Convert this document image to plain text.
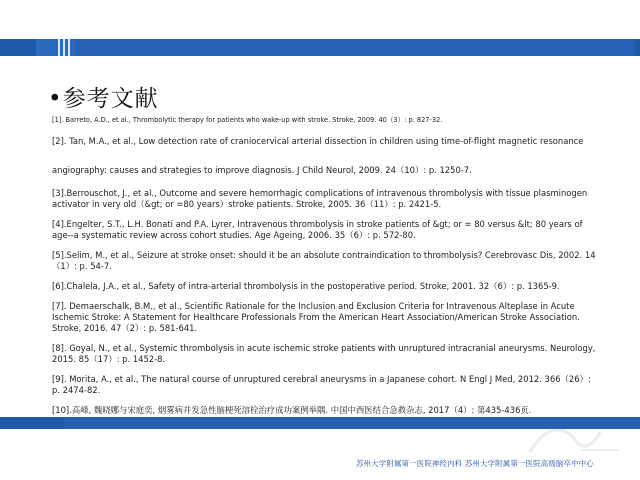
•参考文献

[1]. Barreto, A.D., et al., Thrombolytic therapy for patients who wake-up with stroke. Stroke, 2009. 40（3）: p. 827-32.

[2]. Tan, M.A., et al., Low detection rate of craniocervical arterial dissection in children using time-of-flight magnetic resonance

angiography: causes and strategies to improve diagnosis. J Child Neurol, 2009. 24（10）: p. 1250-7.

[3].Berrouschot, J., et al., Outcome and severe hemorrhagic complications of intravenous thrombolysis with tissue plasminogen activator in very old（&gt; or =80 years）stroke patients. Stroke, 2005. 36（11）: p. 2421-5.

[4].Engelter, S.T., L.H. Bonati and P.A. Lyrer, Intravenous thrombolysis in stroke patients of &gt; or = 80 versus &lt; 80 years of age--a systematic review across cohort studies. Age Ageing, 2006. 35（6）: p. 572-80.

[5].Selim, M., et al., Seizure at stroke onset: should it be an absolute contraindication to thrombolysis? Cerebrovasc Dis, 2002. 14（1）: p. 54-7.

[6].Chalela, J.A., et al., Safety of intra-arterial thrombolysis in the postoperative period. Stroke, 2001. 32（6）: p. 1365-9.

[7]. Demaerschalk, B.M., et al., Scientific Rationale for the Inclusion and Exclusion Criteria for Intravenous Alteplase in Acute Ischemic Stroke: A Statement for Healthcare Professionals From the American Heart Association/American Stroke Association. Stroke, 2016. 47（2）: p. 581-641.

[8]. Goyal, N., et al., Systemic thrombolysis in acute ischemic stroke patients with unruptured intracranial aneurysms. Neurology, 2015. 85（17）: p. 1452-8.

[9]. Morita, A., et al., The natural course of unruptured cerebral aneurysms in a Japanese cohort. N Engl J Med, 2012. 366（26）: p. 2474-82.

[10].高峰, 魏晓娜与宋庭奕, 烟雾病并发急性脑梗死溶栓治疗成功案例举隅. 中国中西医结合急救杂志, 2017（4）: 第435-436页.

苏州大学附属第一医院神经内科 苏州大学附属第一医院高级脑卒中中心
